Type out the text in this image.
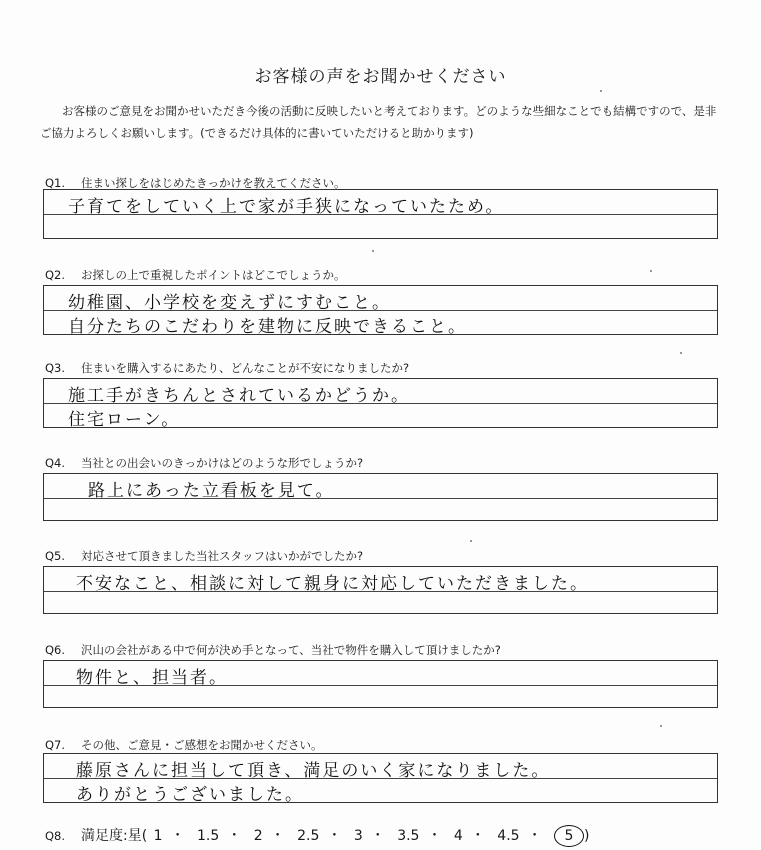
お客様の声をお聞かせください
お客様のご意見をお聞かせいただき今後の活動に反映したいと考えております。どのような些細なことでも結構ですので、是非ご協力よろしくお願いします。(できるだけ具体的に書いていただけると助かります)
Q1. 住まい探しをはじめたきっかけを教えてください。
子育てをしていく上で家が手狭になっていたため。
Q2. お探しの上で重視したポイントはどこでしょうか。
幼稚園、小学校を変えずにすむこと。
自分たちのこだわりを建物に反映できること。
Q3. 住まいを購入するにあたり、どんなことが不安になりましたか?
施工手がきちんとされているかどうか。
住宅ローン。
Q4. 当社との出会いのきっかけはどのような形でしょうか?
路上にあった立看板を見て。
Q5. 対応させて頂きました当社スタッフはいかがでしたか?
不安なこと、相談に対して親身に対応していただきました。
Q6. 沢山の会社がある中で何が決め手となって、当社で物件を購入して頂けましたか?
物件と、担当者。
Q7. その他、ご意見・ご感想をお聞かせください。
藤原さんに担当して頂き、満足のいく家になりました。
ありがとうございました。
Q8. 満足度:星( 1 ・ 1.5 ・ 2 ・ 2.5 ・ 3 ・ 3.5 ・ 4 ・ 4.5 ・ 5 )
